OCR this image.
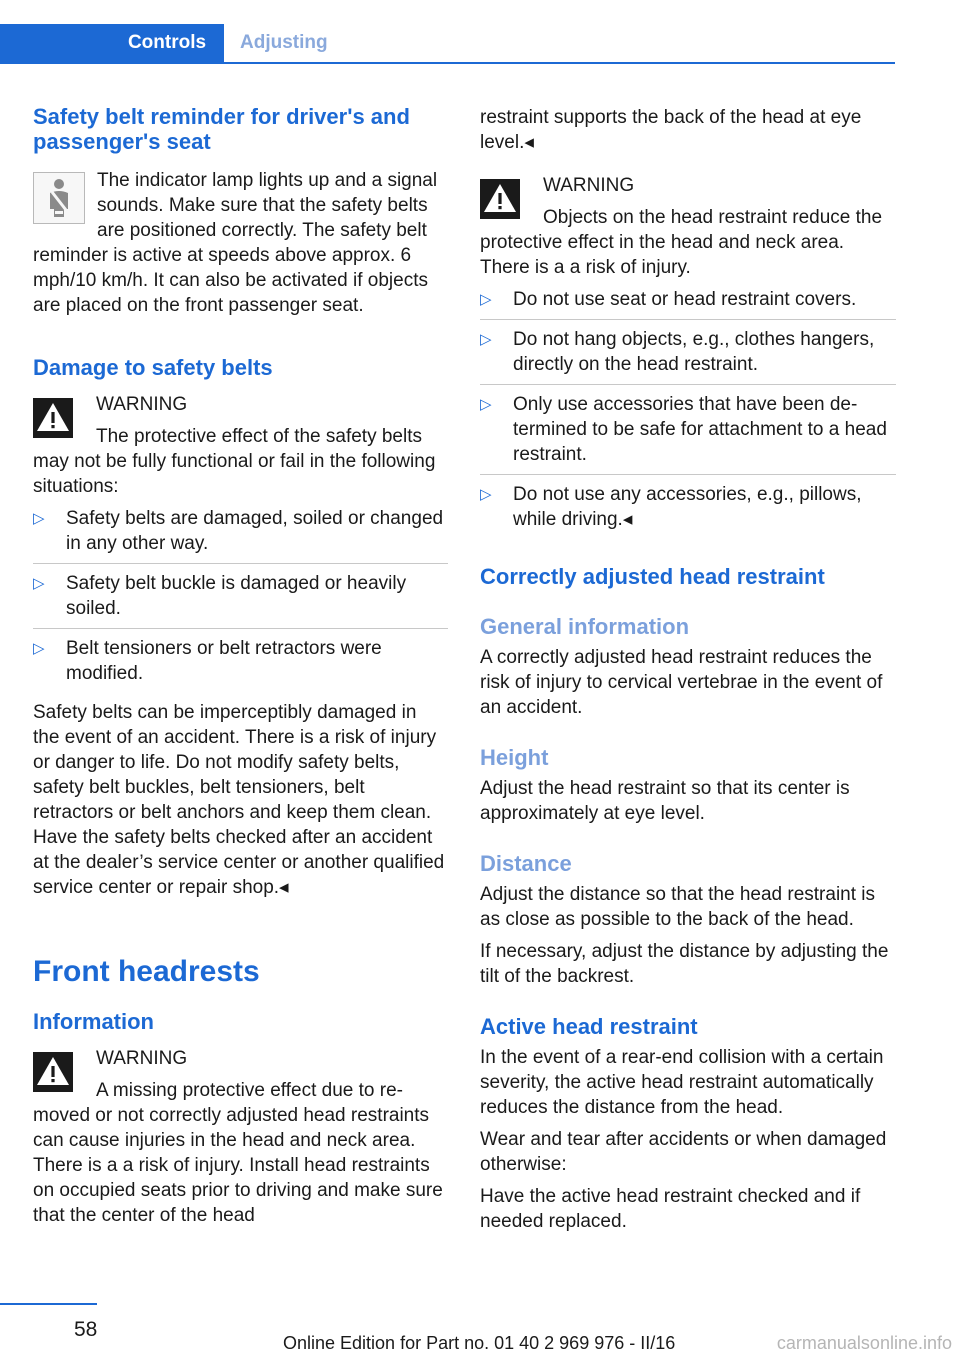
Controls Adjusting
Safety belt reminder for driver's and passenger's seat

The indicator lamp lights up and a signal sounds. Make sure that the safety belts are positioned correctly. The safety belt reminder is active at speeds above approx. 6 mph/10 km/h. It can also be activated if objects are placed on the front passenger seat.

Damage to safety belts

WARNING

The protective effect of the safety belts may not be fully functional or fail in the following situations:

▷ Safety belts are damaged, soiled or changed in any other way.
▷ Safety belt buckle is damaged or heavily soiled.
▷ Belt tensioners or belt retractors were modified.

Safety belts can be imperceptibly damaged in the event of an accident. There is a risk of injury or danger to life. Do not modify safety belts, safety belt buckles, belt tensioners, belt retractors or belt anchors and keep them clean. Have the safety belts checked after an accident at the dealer’s service center or another qualified service center or repair shop.◂

Front headrests
Information

WARNING

A missing protective effect due to removed or not correctly adjusted head restraints can cause injuries in the head and neck area. There is a a risk of injury. Install head restraints on occupied seats prior to driving and make sure that the center of the head

restraint supports the back of the head at eye level.◂

WARNING

Objects on the head restraint reduce the protective effect in the head and neck area. There is a a risk of injury.

▷ Do not use seat or head restraint covers.
▷ Do not hang objects, e.g., clothes hangers, directly on the head restraint.
▷ Only use accessories that have been determined to be safe for attachment to a head restraint.
▷ Do not use any accessories, e.g., pillows, while driving.◂
Correctly adjusted head restraint
General information

A correctly adjusted head restraint reduces the risk of injury to cervical vertebrae in the event of an accident.

Height

Adjust the head restraint so that its center is approximately at eye level.

Distance

Adjust the distance so that the head restraint is as close as possible to the back of the head.

If necessary, adjust the distance by adjusting the tilt of the backrest.

Active head restraint

In the event of a rear-end collision with a certain severity, the active head restraint automatically reduces the distance from the head.

Wear and tear after accidents or when damaged otherwise:

Have the active head restraint checked and if needed replaced.

58
Online Edition for Part no. 01 40 2 969 976 - II/16	carmanualsonline.info
